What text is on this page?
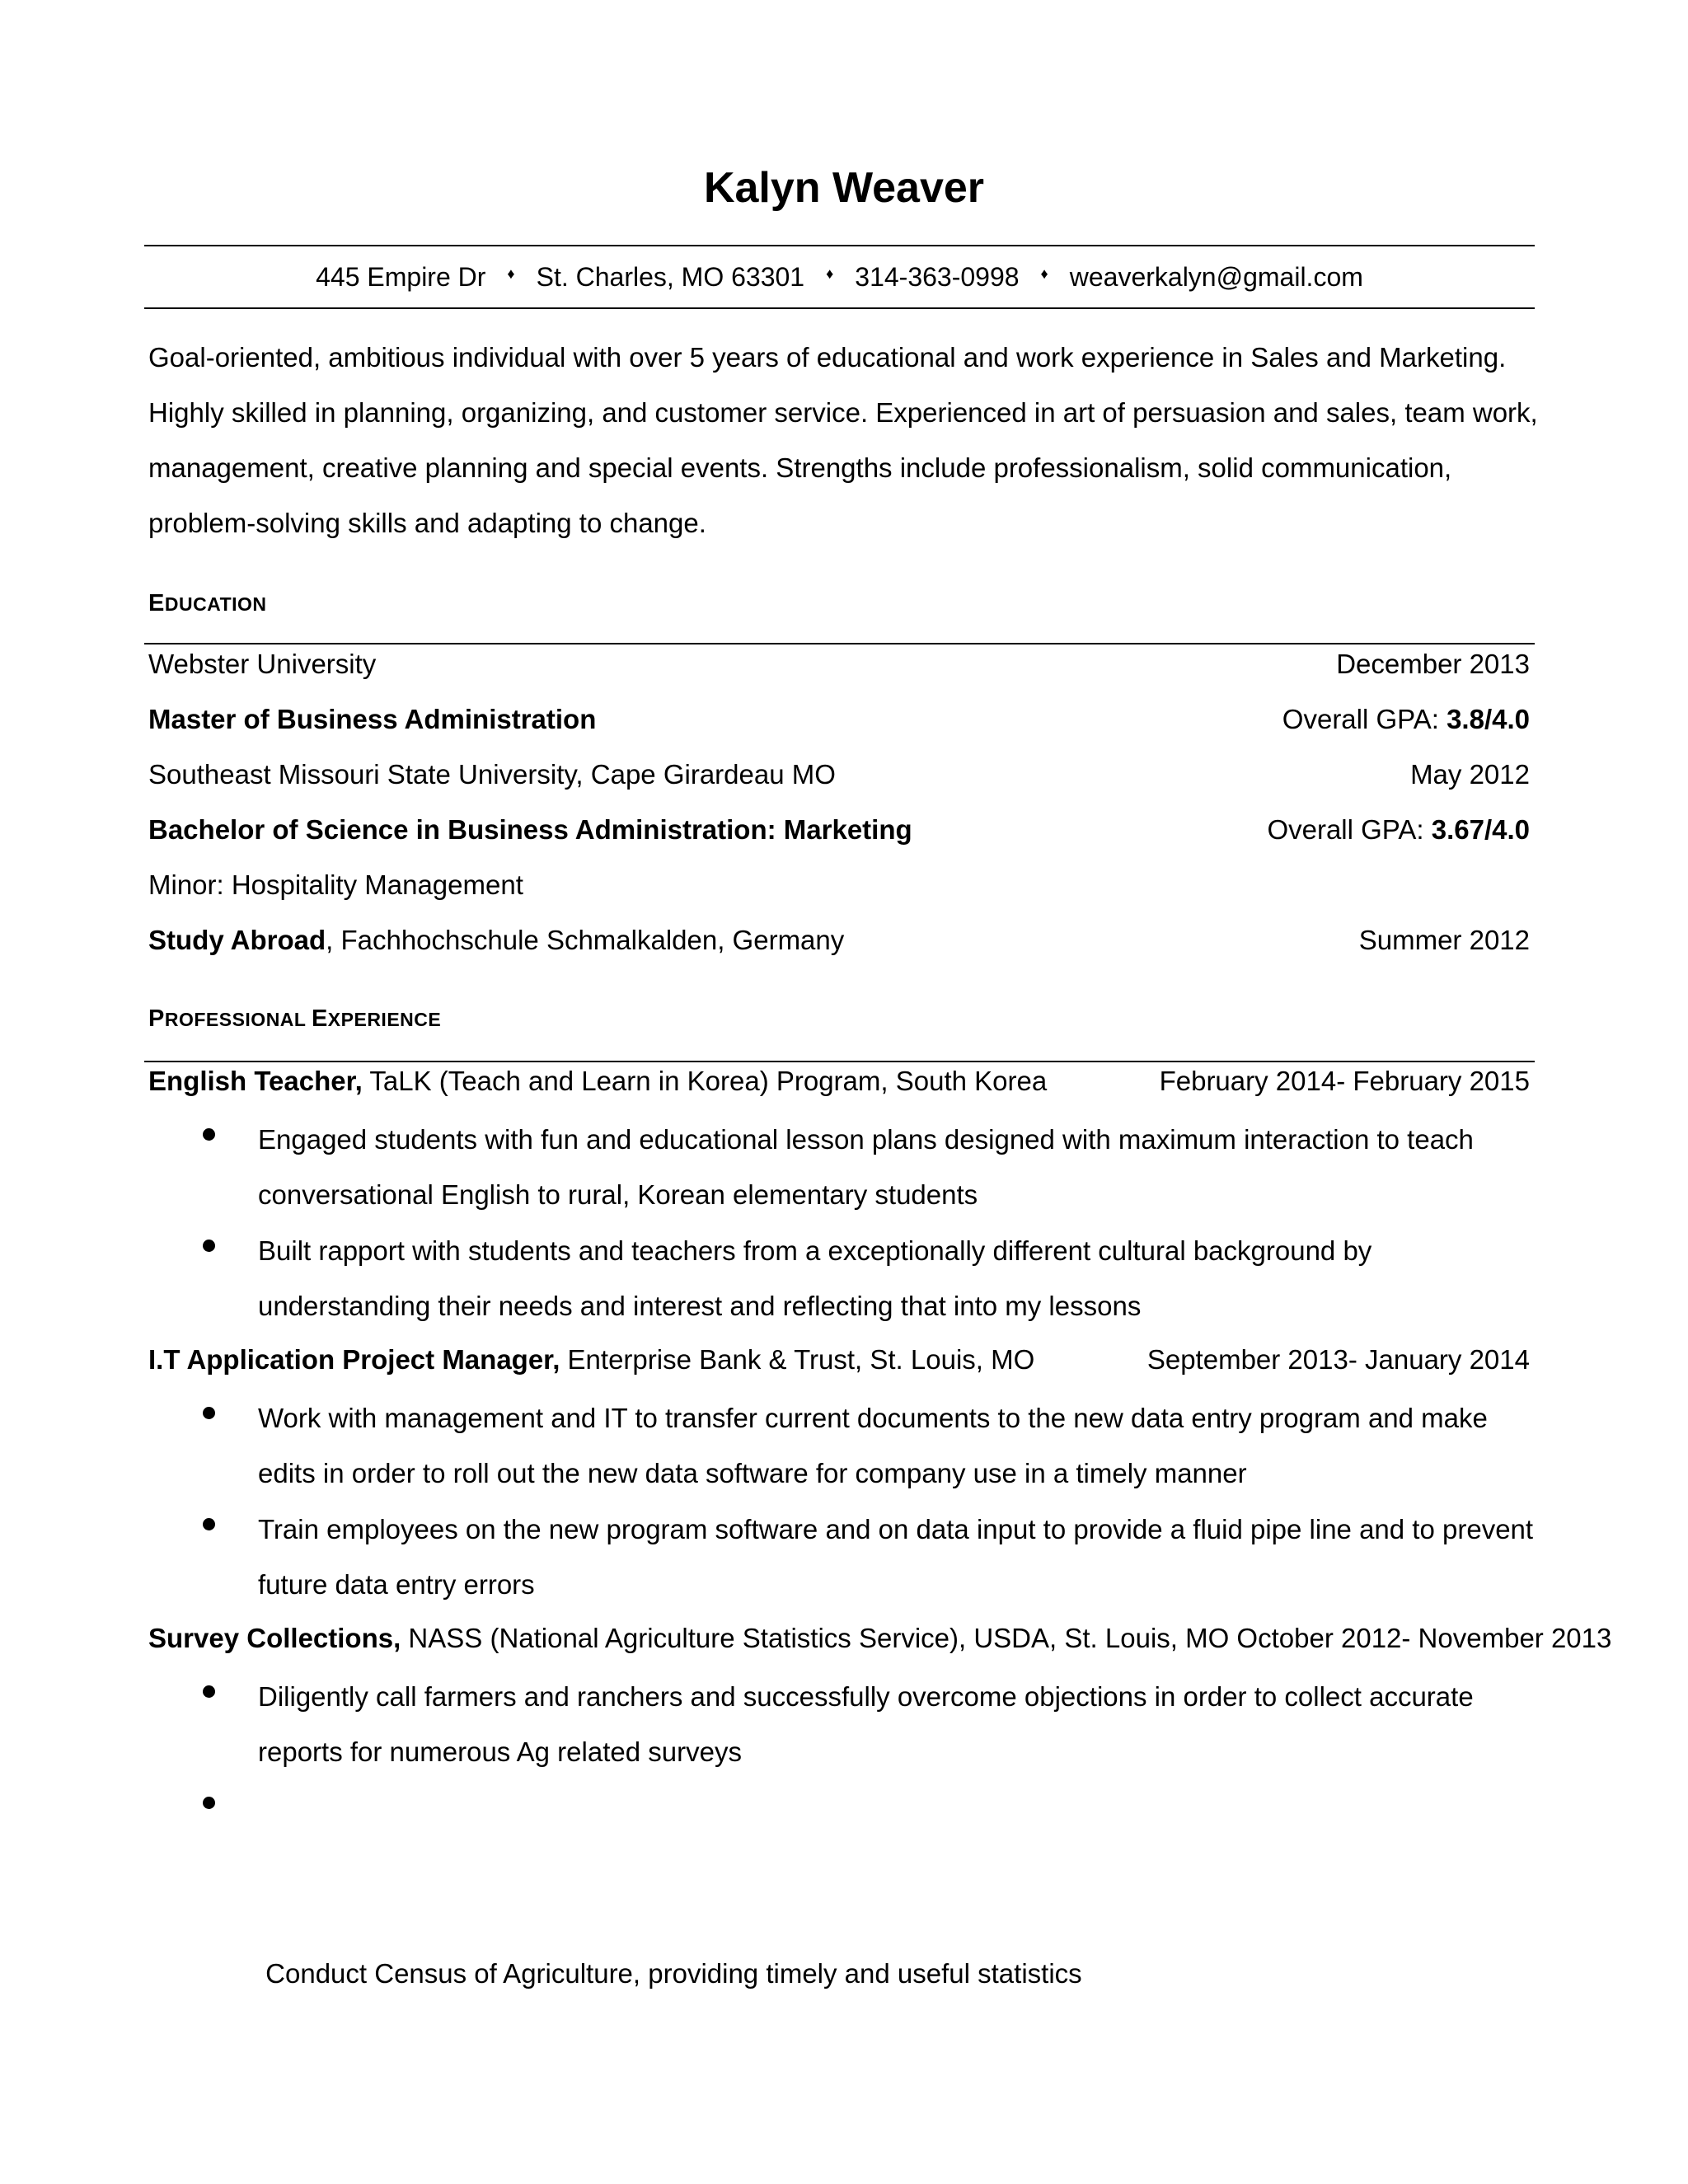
Kalyn Weaver
445 Empire Dr ♦ St. Charles, MO 63301 ♦ 314-363-0998 ♦ weaverkalyn@gmail.com
Goal-oriented, ambitious individual with over 5 years of educational and work experience in Sales and Marketing. Highly skilled in planning, organizing, and customer service. Experienced in art of persuasion and sales, team work, management, creative planning and special events. Strengths include professionalism, solid communication, problem-solving skills and adapting to change.
EDUCATION
Webster University	December 2013
Master of Business Administration	Overall GPA: 3.8/4.0
Southeast Missouri State University, Cape Girardeau MO	May 2012
Bachelor of Science in Business Administration: Marketing	Overall GPA: 3.67/4.0
Minor: Hospitality Management
Study Abroad, Fachhochschule Schmalkalden, Germany	Summer 2012
PROFESSIONAL EXPERIENCE
English Teacher, TaLK (Teach and Learn in Korea) Program, South Korea	February 2014- February 2015
Engaged students with fun and educational lesson plans designed with maximum interaction to teach conversational English to rural, Korean elementary students
Built rapport with students and teachers from a exceptionally different cultural background by understanding their needs and interest and reflecting that into my lessons
I.T Application Project Manager, Enterprise Bank & Trust, St. Louis, MO	September 2013- January 2014
Work with management and IT to transfer current documents to the new data entry program and make edits in order to roll out the new data software for company use in a timely manner
Train employees on the new program software and on data input to provide a fluid pipe line and to prevent future data entry errors
Survey Collections, NASS (National Agriculture Statistics Service), USDA, St. Louis, MO October 2012- November 2013
Diligently call farmers and ranchers and successfully overcome objections in order to collect accurate reports for numerous Ag related surveys

Conduct Census of Agriculture, providing timely and useful statistics
